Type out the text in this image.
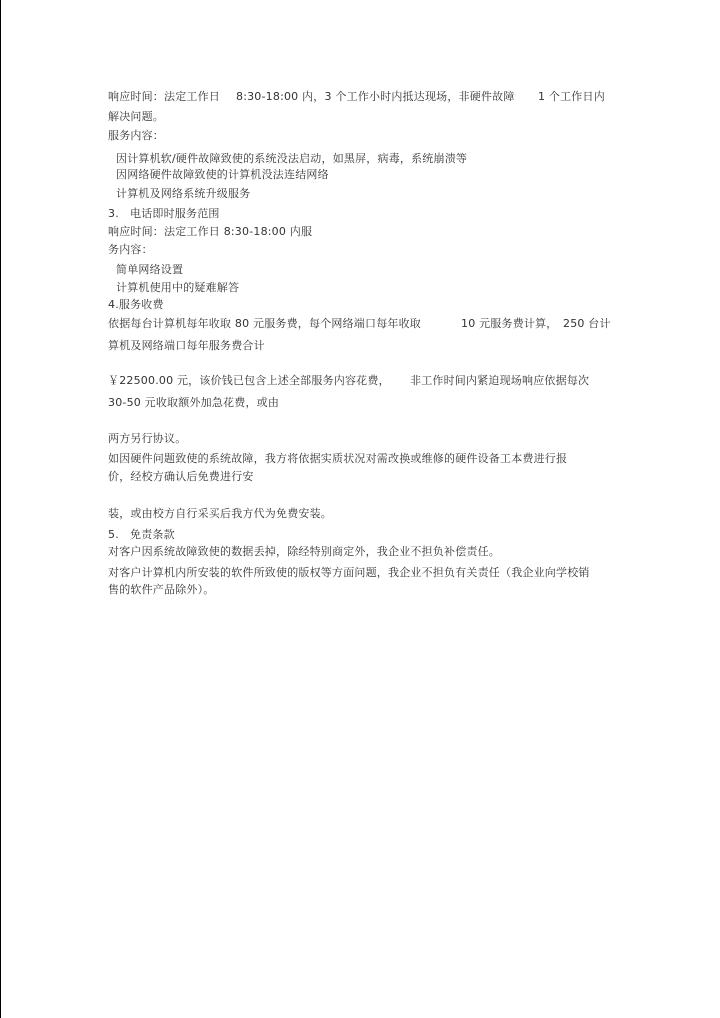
响应时间：法定工作日 8:30-18:00 内，3 个工作小时内抵达现场，非硬件故障 1 个工作日内
解决问题。
服务内容：
因计算机软/硬件故障致使的系统没法启动，如黑屏，病毒，系统崩溃等
因网络硬件故障致使的计算机没法连结网络
计算机及网络系统升级服务
3. 电话即时服务范围
响应时间：法定工作日 8:30-18:00 内服
务内容：
简单网络设置
计算机使用中的疑难解答
4.服务收费
依据每台计算机每年收取 80 元服务费，每个网络端口每年收取	10 元服务费计算， 250 台计
算机及网络端口每年服务费合计
￥22500.00 元，该价钱已包含上述全部服务内容花费， 非工作时间内紧迫现场响应依据每次
30-50 元收取额外加急花费，或由
两方另行协议。
如因硬件问题致使的系统故障，我方将依据实质状况对需改换或维修的硬件设备工本费进行报
价，经校方确认后免费进行安
装，或由校方自行采买后我方代为免费安装。
5. 免责条款
对客户因系统故障致使的数据丢掉，除经特别商定外，我企业不担负补偿责任。
对客户计算机内所安装的软件所致使的版权等方面问题，我企业不担负有关责任（我企业向学校销
售的软件产品除外）。
